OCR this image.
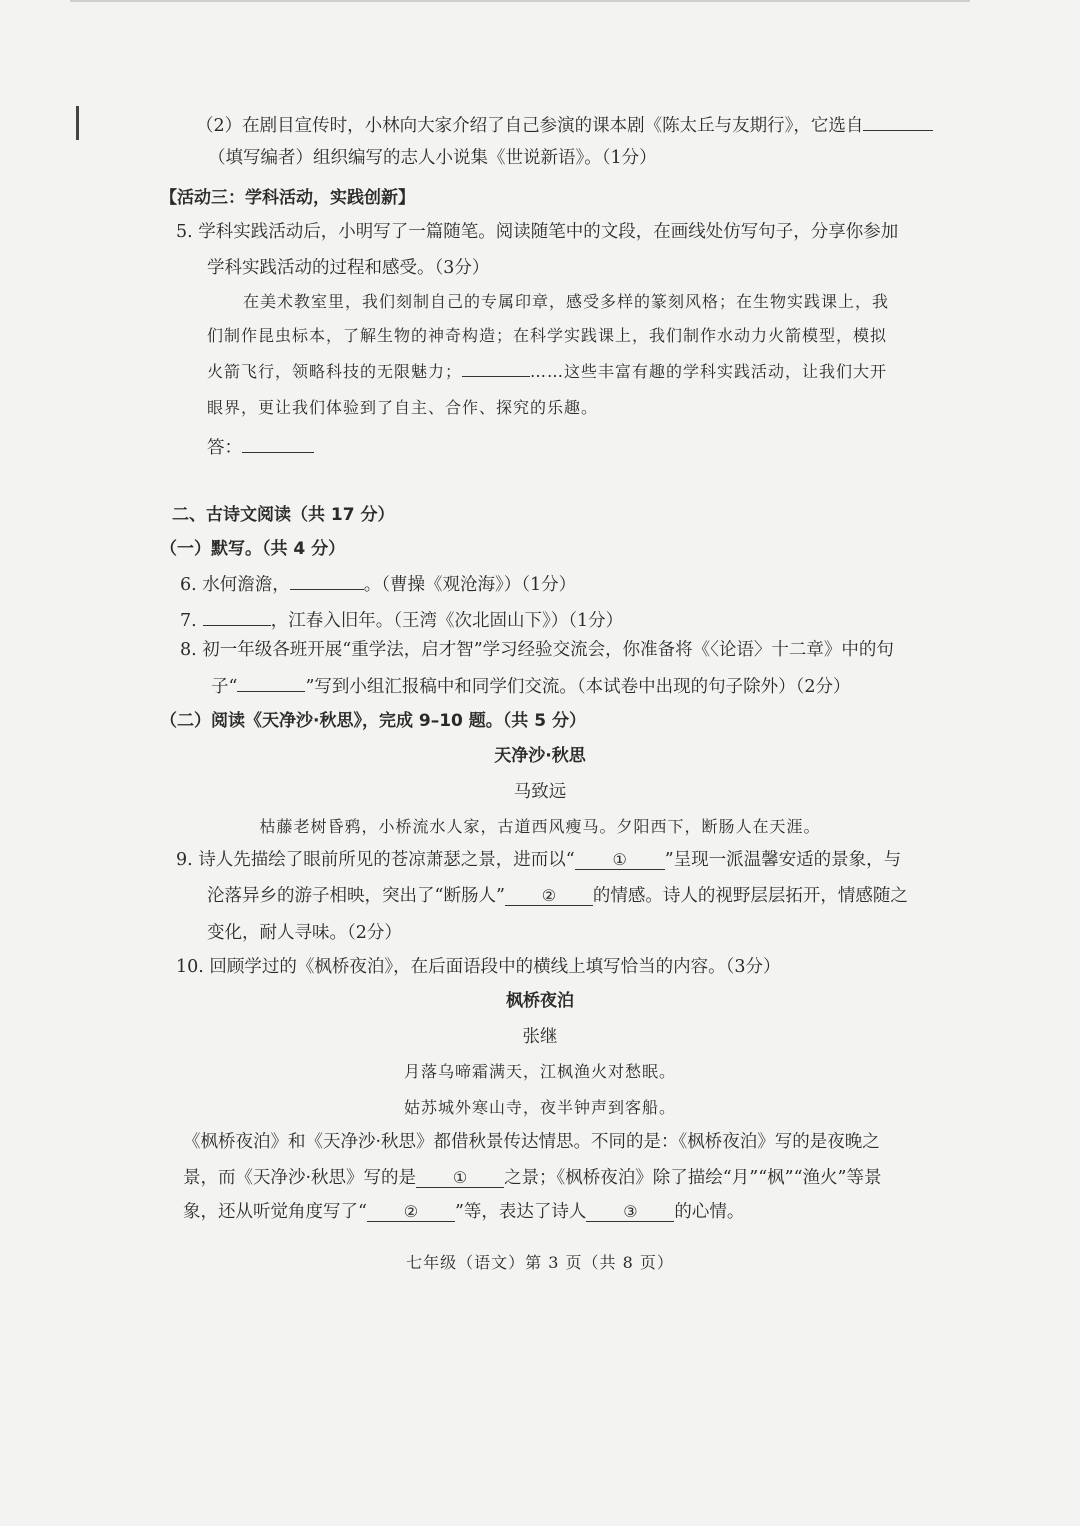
（2）在剧目宣传时，小林向大家介绍了自己参演的课本剧《陈太丘与友期行》，它选自
（填写编者）组织编写的志人小说集《世说新语》。（1分）
【活动三：学科活动，实践创新】
5. 学科实践活动后，小明写了一篇随笔。阅读随笔中的文段，在画线处仿写句子，分享你参加
学科实践活动的过程和感受。（3分）
在美术教室里，我们刻制自己的专属印章，感受多样的篆刻风格；在生物实践课上，我
们制作昆虫标本，了解生物的神奇构造；在科学实践课上，我们制作水动力火箭模型，模拟
火箭飞行，领略科技的无限魅力；	……这些丰富有趣的学科实践活动，让我们大开
眼界，更让我们体验到了自主、合作、探究的乐趣。
答：
二、古诗文阅读（共 17 分）
（一）默写。（共 4 分）
6. 水何澹澹，	。（曹操《观沧海》）（1分）
7.	，江春入旧年。（王湾《次北固山下》）（1分）
8. 初一年级各班开展“重学法，启才智”学习经验交流会，你准备将《〈论语〉十二章》中的句
子“	”写到小组汇报稿中和同学们交流。（本试卷中出现的句子除外）（2分）
（二）阅读《天净沙·秋思》，完成 9–10 题。（共 5 分）
天净沙·秋思
马致远
枯藤老树昏鸦，小桥流水人家，古道西风瘦马。夕阳西下，断肠人在天涯。
9. 诗人先描绘了眼前所见的苍凉萧瑟之景，进而以“ ① ”呈现一派温馨安适的景象，与
沦落异乡的游子相映，突出了“断肠人” ② 的情感。诗人的视野层层拓开，情感随之
变化，耐人寻味。（2分）
10. 回顾学过的《枫桥夜泊》，在后面语段中的横线上填写恰当的内容。（3分）
枫桥夜泊
张继
月落乌啼霜满天，江枫渔火对愁眠。
姑苏城外寒山寺，夜半钟声到客船。
《枫桥夜泊》和《天净沙·秋思》都借秋景传达情思。不同的是：《枫桥夜泊》写的是夜晚之
景，而《天净沙·秋思》写的是 ① 之景；《枫桥夜泊》除了描绘“月”“枫”“渔火”等景
象，还从听觉角度写了“ ② ”等，表达了诗人 ③ 的心情。
七年级（语文）第 3 页（共 8 页）
